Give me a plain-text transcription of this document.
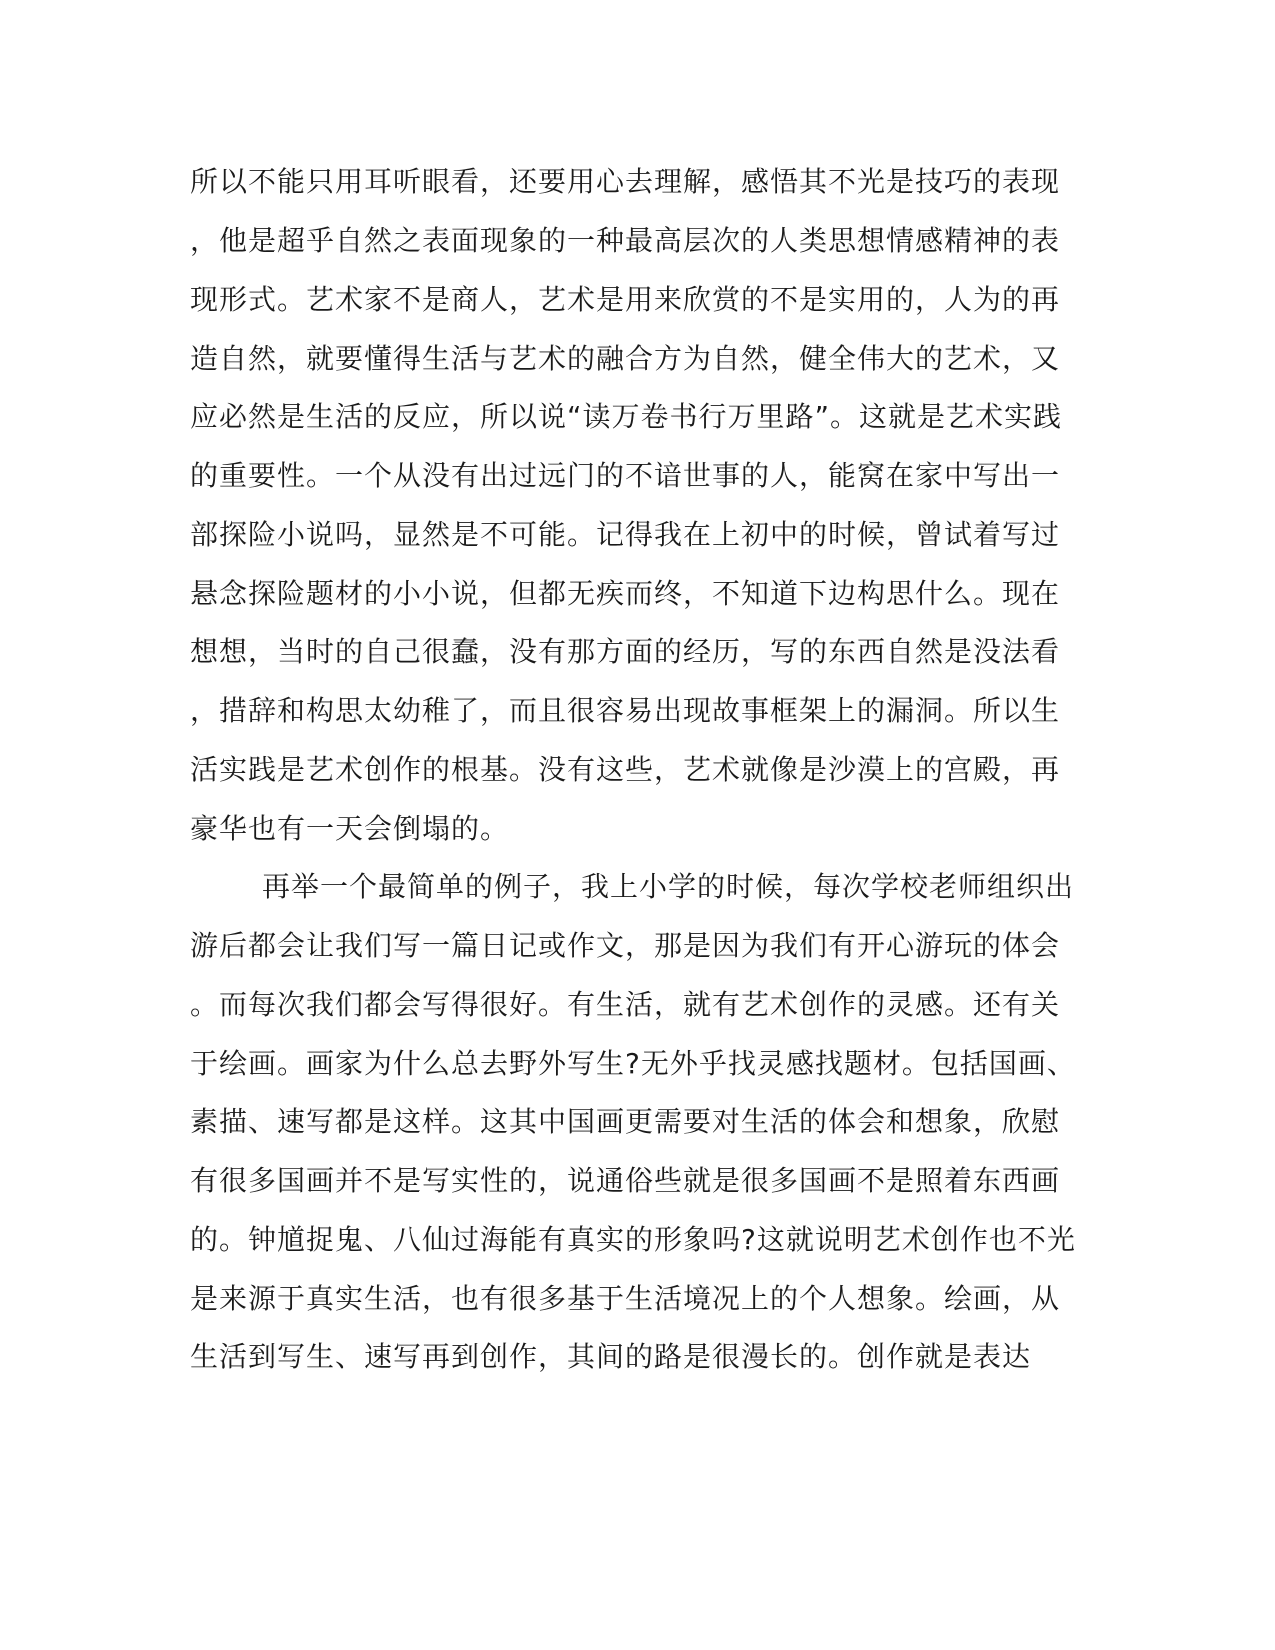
所以不能只用耳听眼看，还要用心去理解，感悟其不光是技巧的表现
，他是超乎自然之表面现象的一种最高层次的人类思想情感精神的表
现形式。艺术家不是商人，艺术是用来欣赏的不是实用的，人为的再
造自然，就要懂得生活与艺术的融合方为自然，健全伟大的艺术，又
应必然是生活的反应，所以说“读万卷书行万里路”。这就是艺术实践
的重要性。一个从没有出过远门的不谙世事的人，能窝在家中写出一
部探险小说吗，显然是不可能。记得我在上初中的时候，曾试着写过
悬念探险题材的小小说，但都无疾而终，不知道下边构思什么。现在
想想，当时的自己很蠢，没有那方面的经历，写的东西自然是没法看
，措辞和构思太幼稚了，而且很容易出现故事框架上的漏洞。所以生
活实践是艺术创作的根基。没有这些，艺术就像是沙漠上的宫殿，再
豪华也有一天会倒塌的。
再举一个最简单的例子，我上小学的时候，每次学校老师组织出
游后都会让我们写一篇日记或作文，那是因为我们有开心游玩的体会
。而每次我们都会写得很好。有生活，就有艺术创作的灵感。还有关
于绘画。画家为什么总去野外写生?无外乎找灵感找题材。包括国画、
素描、速写都是这样。这其中国画更需要对生活的体会和想象，欣慰
有很多国画并不是写实性的，说通俗些就是很多国画不是照着东西画
的。钟馗捉鬼、八仙过海能有真实的形象吗?这就说明艺术创作也不光
是来源于真实生活，也有很多基于生活境况上的个人想象。绘画，从
生活到写生、速写再到创作，其间的路是很漫长的。创作就是表达
